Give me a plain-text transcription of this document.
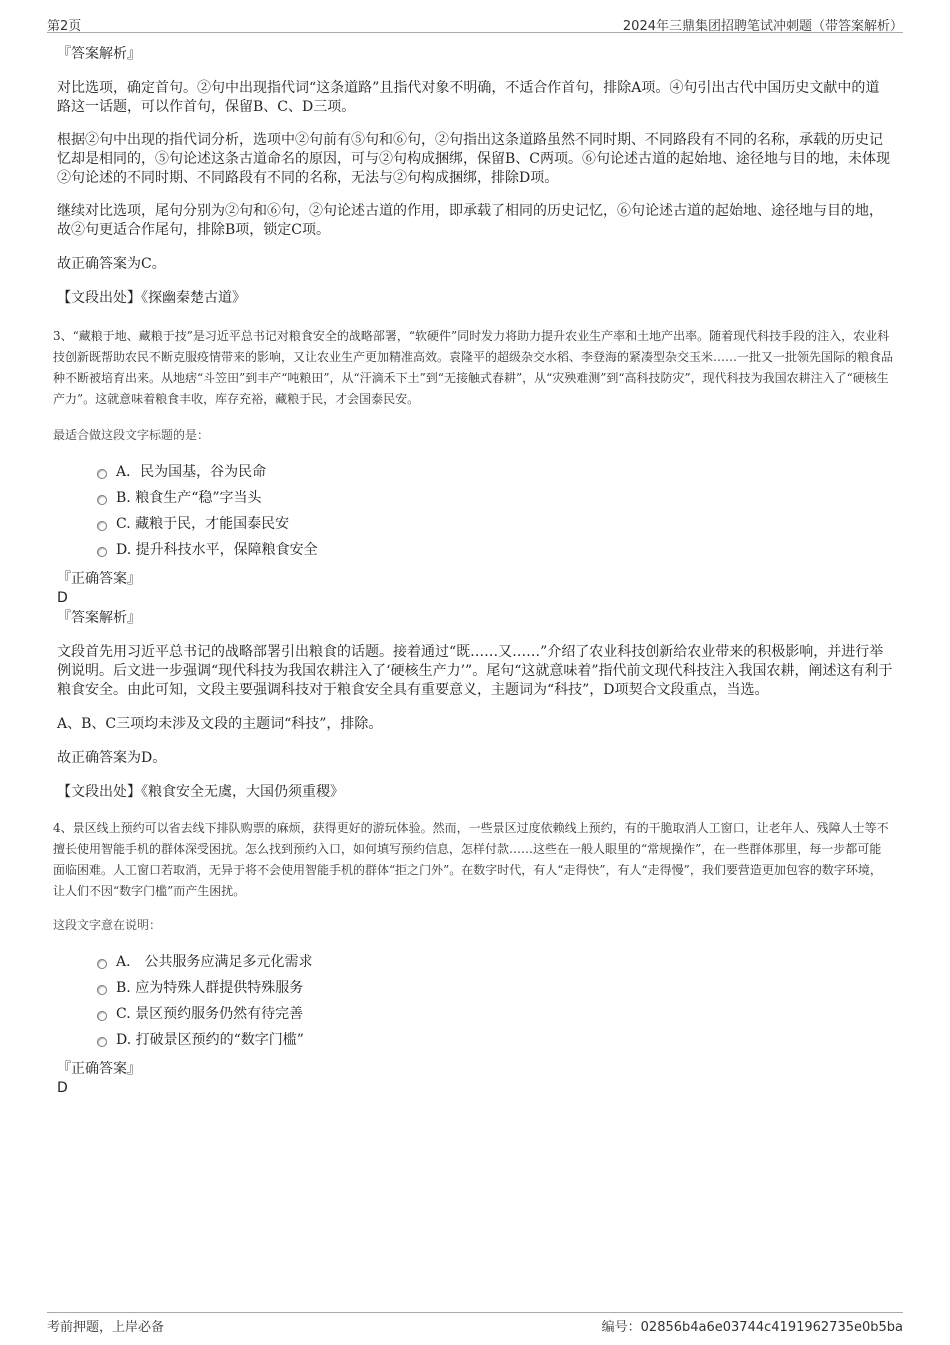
第2页	2024年三鼎集团招聘笔试冲刺题（带答案解析）

『答案解析』

对比选项，确定首句。②句中出现指代词“这条道路”且指代对象不明确，不适合作首句，排除A项。④句引出古代中国历史文献中的道路这一话题，可以作首句，保留B、C、D三项。

根据②句中出现的指代词分析，选项中②句前有⑤句和⑥句，②句指出这条道路虽然不同时期、不同路段有不同的名称，承载的历史记忆却是相同的，⑤句论述这条古道命名的原因，可与②句构成捆绑，保留B、C两项。⑥句论述古道的起始地、途径地与目的地，未体现②句论述的不同时期、不同路段有不同的名称，无法与②句构成捆绑，排除D项。

继续对比选项，尾句分别为②句和⑥句，②句论述古道的作用，即承载了相同的历史记忆，⑥句论述古道的起始地、途径地与目的地，故②句更适合作尾句，排除B项，锁定C项。

故正确答案为C。

【文段出处】《探幽秦楚古道》

3、“藏粮于地、藏粮于技”是习近平总书记对粮食安全的战略部署，“软硬件”同时发力将助力提升农业生产率和土地产出率。随着现代科技手段的注入，农业科技创新既帮助农民不断克服疫情带来的影响，又让农业生产更加精准高效。袁隆平的超级杂交水稻、李登海的紧凑型杂交玉米……一批又一批领先国际的粮食品种不断被培育出来。从地痞“斗笠田”到丰产“吨粮田”，从“汗滴禾下土”到“无接触式春耕”，从“灾殃难测”到“高科技防灾”，现代科技为我国农耕注入了“硬核生产力”。这就意味着粮食丰收，库存充裕，藏粮于民，才会国泰民安。

最适合做这段文字标题的是：

A．民为国基，谷为民命
B. 粮食生产“稳”字当头
C. 藏粮于民，才能国泰民安
D. 提升科技水平，保障粮食安全

『正确答案』

D

『答案解析』

文段首先用习近平总书记的战略部署引出粮食的话题。接着通过“既……又……”介绍了农业科技创新给农业带来的积极影响，并进行举例说明。后文进一步强调“现代科技为我国农耕注入了‘硬核生产力’”。尾句“这就意味着”指代前文现代科技注入我国农耕，阐述这有利于粮食安全。由此可知，文段主要强调科技对于粮食安全具有重要意义，主题词为“科技”，D项契合文段重点，当选。

A、B、C三项均未涉及文段的主题词“科技”，排除。

故正确答案为D。

【文段出处】《粮食安全无虞，大国仍须重稷》

4、景区线上预约可以省去线下排队购票的麻烦，获得更好的游玩体验。然而，一些景区过度依赖线上预约，有的干脆取消人工窗口，让老年人、残障人士等不擅长使用智能手机的群体深受困扰。怎么找到预约入口，如何填写预约信息，怎样付款……这些在一般人眼里的“常规操作”，在一些群体那里，每一步都可能面临困难。人工窗口若取消，无异于将不会使用智能手机的群体“拒之门外”。在数字时代，有人“走得快”，有人“走得慢”，我们要营造更加包容的数字环境，让人们不因“数字门槛”而产生困扰。

这段文字意在说明：

A． 公共服务应满足多元化需求
B. 应为特殊人群提供特殊服务
C. 景区预约服务仍然有待完善
D. 打破景区预约的“数字门槛”

『正确答案』

D

考前押题，上岸必备	编号：02856b4a6e03744c4191962735e0b5ba
